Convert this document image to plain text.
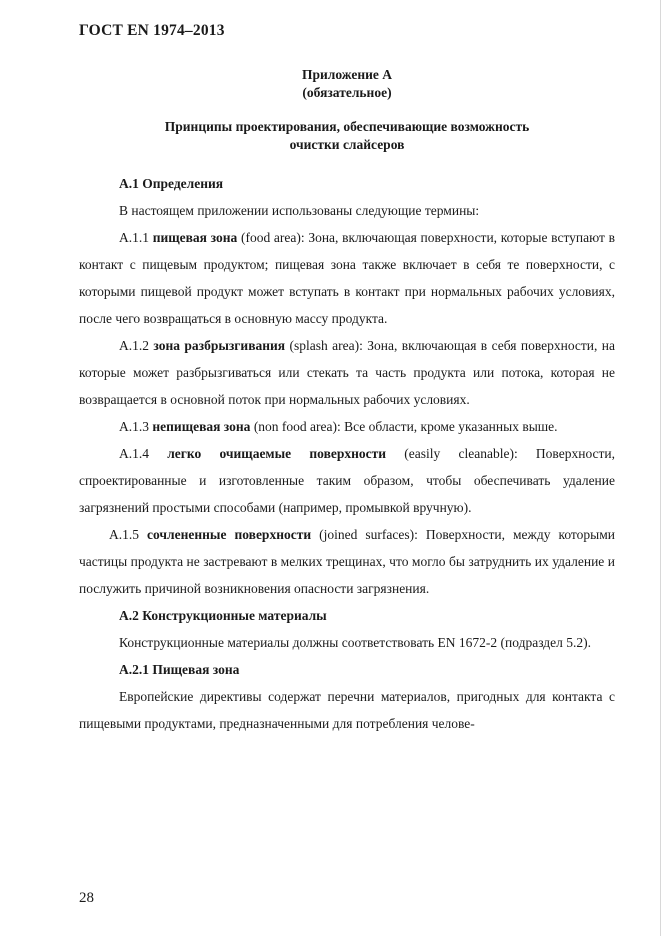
ГОСТ EN 1974–2013
Приложение А
(обязательное)
Принципы проектирования, обеспечивающие возможность
очистки слайсеров
А.1 Определения

В настоящем приложении использованы следующие термины:

А.1.1 пищевая зона (food area): Зона, включающая поверхности, которые вступают в контакт с пищевым продуктом; пищевая зона также включает в себя те поверхности, с которыми пищевой продукт может вступать в контакт при нормальных рабочих условиях, после чего возвращаться в основную массу продукта.

А.1.2 зона разбрызгивания (splash area): Зона, включающая в себя поверхности, на которые может разбрызгиваться или стекать та часть продукта или потока, которая не возвращается в основной поток при нормальных рабочих условиях.

А.1.3 непищевая зона (non food area): Все области, кроме указанных выше.

А.1.4 легко очищаемые поверхности (easily cleanable): Поверхности, спроектированные и изготовленные таким образом, чтобы обеспечивать удаление загрязнений простыми способами (например, промывкой вручную).

А.1.5 сочлененные поверхности (joined surfaces): Поверхности, между которыми частицы продукта не застревают в мелких трещинах, что могло бы затруднить их удаление и послужить причиной возникновения опасности загрязнения.

А.2 Конструкционные материалы

Конструкционные материалы должны соответствовать EN 1672-2 (подраздел 5.2).

А.2.1 Пищевая зона

Европейские директивы содержат перечни материалов, пригодных для контакта с пищевыми продуктами, предназначенными для потребления челове-

28
